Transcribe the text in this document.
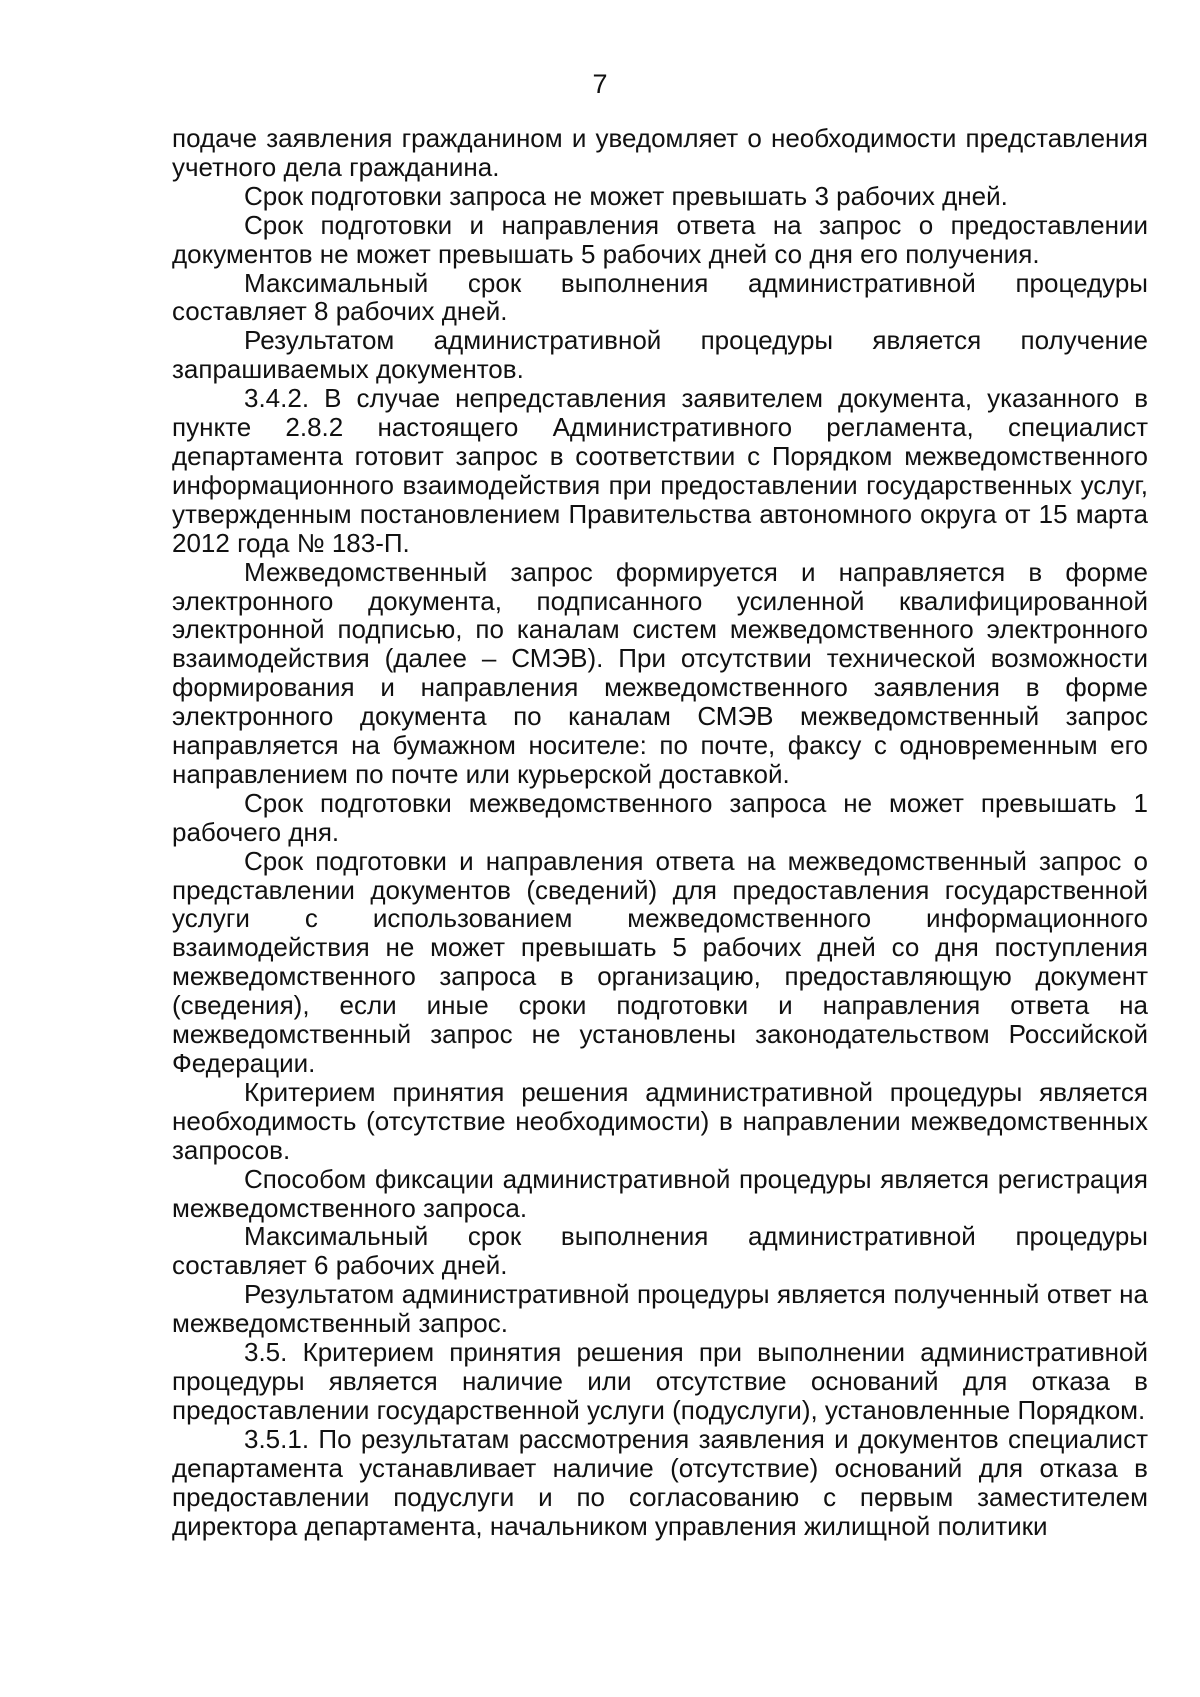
7

подаче заявления гражданином и уведомляет о необходимости представления учетного дела гражданина.

Срок подготовки запроса не может превышать 3 рабочих дней.

Срок подготовки и направления ответа на запрос о предоставлении документов не может превышать 5 рабочих дней со дня его получения.

Максимальный срок выполнения административной процедуры составляет 8 рабочих дней.

Результатом административной процедуры является получение запрашиваемых документов.

3.4.2. В случае непредставления заявителем документа, указанного в пункте 2.8.2 настоящего Административного регламента, специалист департамента готовит запрос в соответствии с Порядком межведомственного информационного взаимодействия при предоставлении государственных услуг, утвержденным постановлением Правительства автономного округа от 15 марта 2012 года № 183-П.

Межведомственный запрос формируется и направляется в форме электронного документа, подписанного усиленной квалифицированной электронной подписью, по каналам систем межведомственного электронного взаимодействия (далее – СМЭВ). При отсутствии технической возможности формирования и направления межведомственного заявления в форме электронного документа по каналам СМЭВ межведомственный запрос направляется на бумажном носителе: по почте, факсу с одновременным его направлением по почте или курьерской доставкой.

Срок подготовки межведомственного запроса не может превышать 1 рабочего дня.

Срок подготовки и направления ответа на межведомственный запрос о представлении документов (сведений) для предоставления государственной услуги с использованием межведомственного информационного взаимодействия не может превышать 5 рабочих дней со дня поступления межведомственного запроса в организацию, предоставляющую документ (сведения), если иные сроки подготовки и направления ответа на межведомственный запрос не установлены законодательством Российской Федерации.

Критерием принятия решения административной процедуры является необходимость (отсутствие необходимости) в направлении межведомственных запросов.

Способом фиксации административной процедуры является регистрация межведомственного запроса.

Максимальный срок выполнения административной процедуры составляет 6 рабочих дней.

Результатом административной процедуры является полученный ответ на межведомственный запрос.

3.5. Критерием принятия решения при выполнении административной процедуры является наличие или отсутствие оснований для отказа в предоставлении государственной услуги (подуслуги), установленные Порядком.

3.5.1. По результатам рассмотрения заявления и документов специалист департамента устанавливает наличие (отсутствие) оснований для отказа в предоставлении подуслуги и по согласованию с первым заместителем директора департамента, начальником управления жилищной политики
